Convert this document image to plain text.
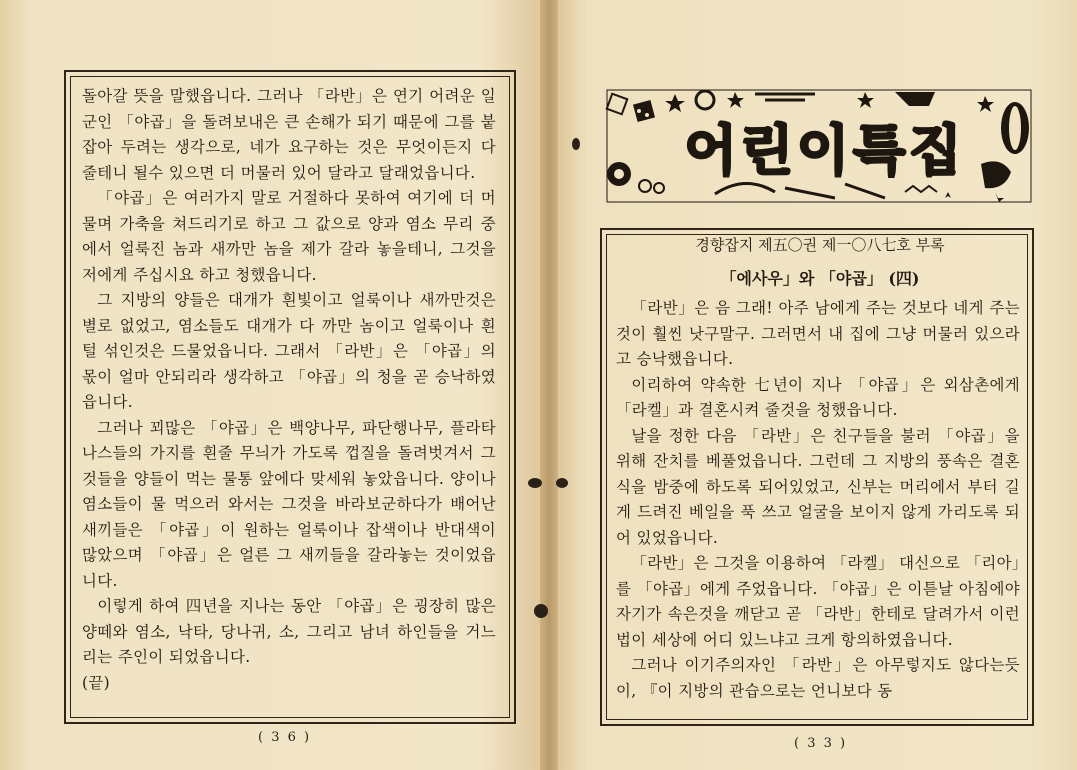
돌아갈 뜻을 말했읍니다. 그러나 「라반」은 연기 어려운 일군인 「야곱」을 돌려보내은 큰 손해가 되기 때문에 그를 붙잡아 두려는 생각으로, 네가 요구하는 것은 무엇이든지 다 줄테니 될수 있으면 더 머물러 있어 달라고 달래었읍니다.

「야곱」은 여러가지 말로 거절하다 못하여 여기에 더 머물며 가축을 쳐드리기로 하고 그 값으로 양과 염소 무리 중에서 얼룩진 놈과 새까만 놈을 제가 갈라 놓을테니, 그것을 저에게 주십시요 하고 청했읍니다.

그 지방의 양들은 대개가 흰빛이고 얼룩이나 새까만것은 별로 없었고, 염소들도 대개가 다 까만 놈이고 얼룩이나 흰털 섞인것은 드물었읍니다. 그래서 「라반」은 「야곱」의 몫이 얼마 안되리라 생각하고 「야곱」의 청을 곧 승낙하였읍니다.

그러나 꾀많은 「야곱」은 백양나무, 파단행나무, 플라타나스들의 가지를 흰줄 무늬가 가도록 껍질을 돌려벗겨서 그것들을 양들이 먹는 물통 앞에다 맞세워 놓았읍니다. 양이나 염소들이 물 먹으러 와서는 그것을 바라보군하다가 배어난 새끼들은 「야곱」이 원하는 얼룩이나 잡색이나 반대색이 많았으며 「야곱」은 얼른 그 새끼들을 갈라놓는 것이었읍니다.

이렇게 하여 四년을 지나는 동안 「야곱」은 굉장히 많은 양떼와 염소, 낙타, 당나귀, 소, 그리고 남녀 하인들을 거느리는 주인이 되었읍니다.

(끝)

( 3 6 )
어린이특집
경향잡지 제五〇권 제一〇八七호 부록
「에사우」와 「야곱」 (四)

「라반」은 음 그래! 아주 남에게 주는 것보다 네게 주는것이 훨씬 낫구말구. 그러면서 내 집에 그냥 머물러 있으라고 승낙했읍니다.

이리하여 약속한 七년이 지나 「야곱」은 외삼촌에게 「라켈」과 결혼시켜 줄것을 청했읍니다.

날을 정한 다음 「라반」은 친구들을 불러 「야곱」을 위해 잔치를 베풀었읍니다. 그런데 그 지방의 풍속은 결혼식을 밤중에 하도록 되어있었고, 신부는 머리에서 부터 길게 드려진 베일을 푹 쓰고 얼굴을 보이지 않게 가리도록 되어 있었읍니다.

「라반」은 그것을 이용하여 「라켈」 대신으로 「리아」를 「야곱」에게 주었읍니다. 「야곱」은 이튿날 아침에야 자기가 속은것을 깨닫고 곧 「라반」한테로 달려가서 이런 법이 세상에 어디 있느냐고 크게 항의하였읍니다.

그러나 이기주의자인 「라반」은 아무렇지도 않다는듯이, 『이 지방의 관습으로는 언니보다 동

( 3 3 )
